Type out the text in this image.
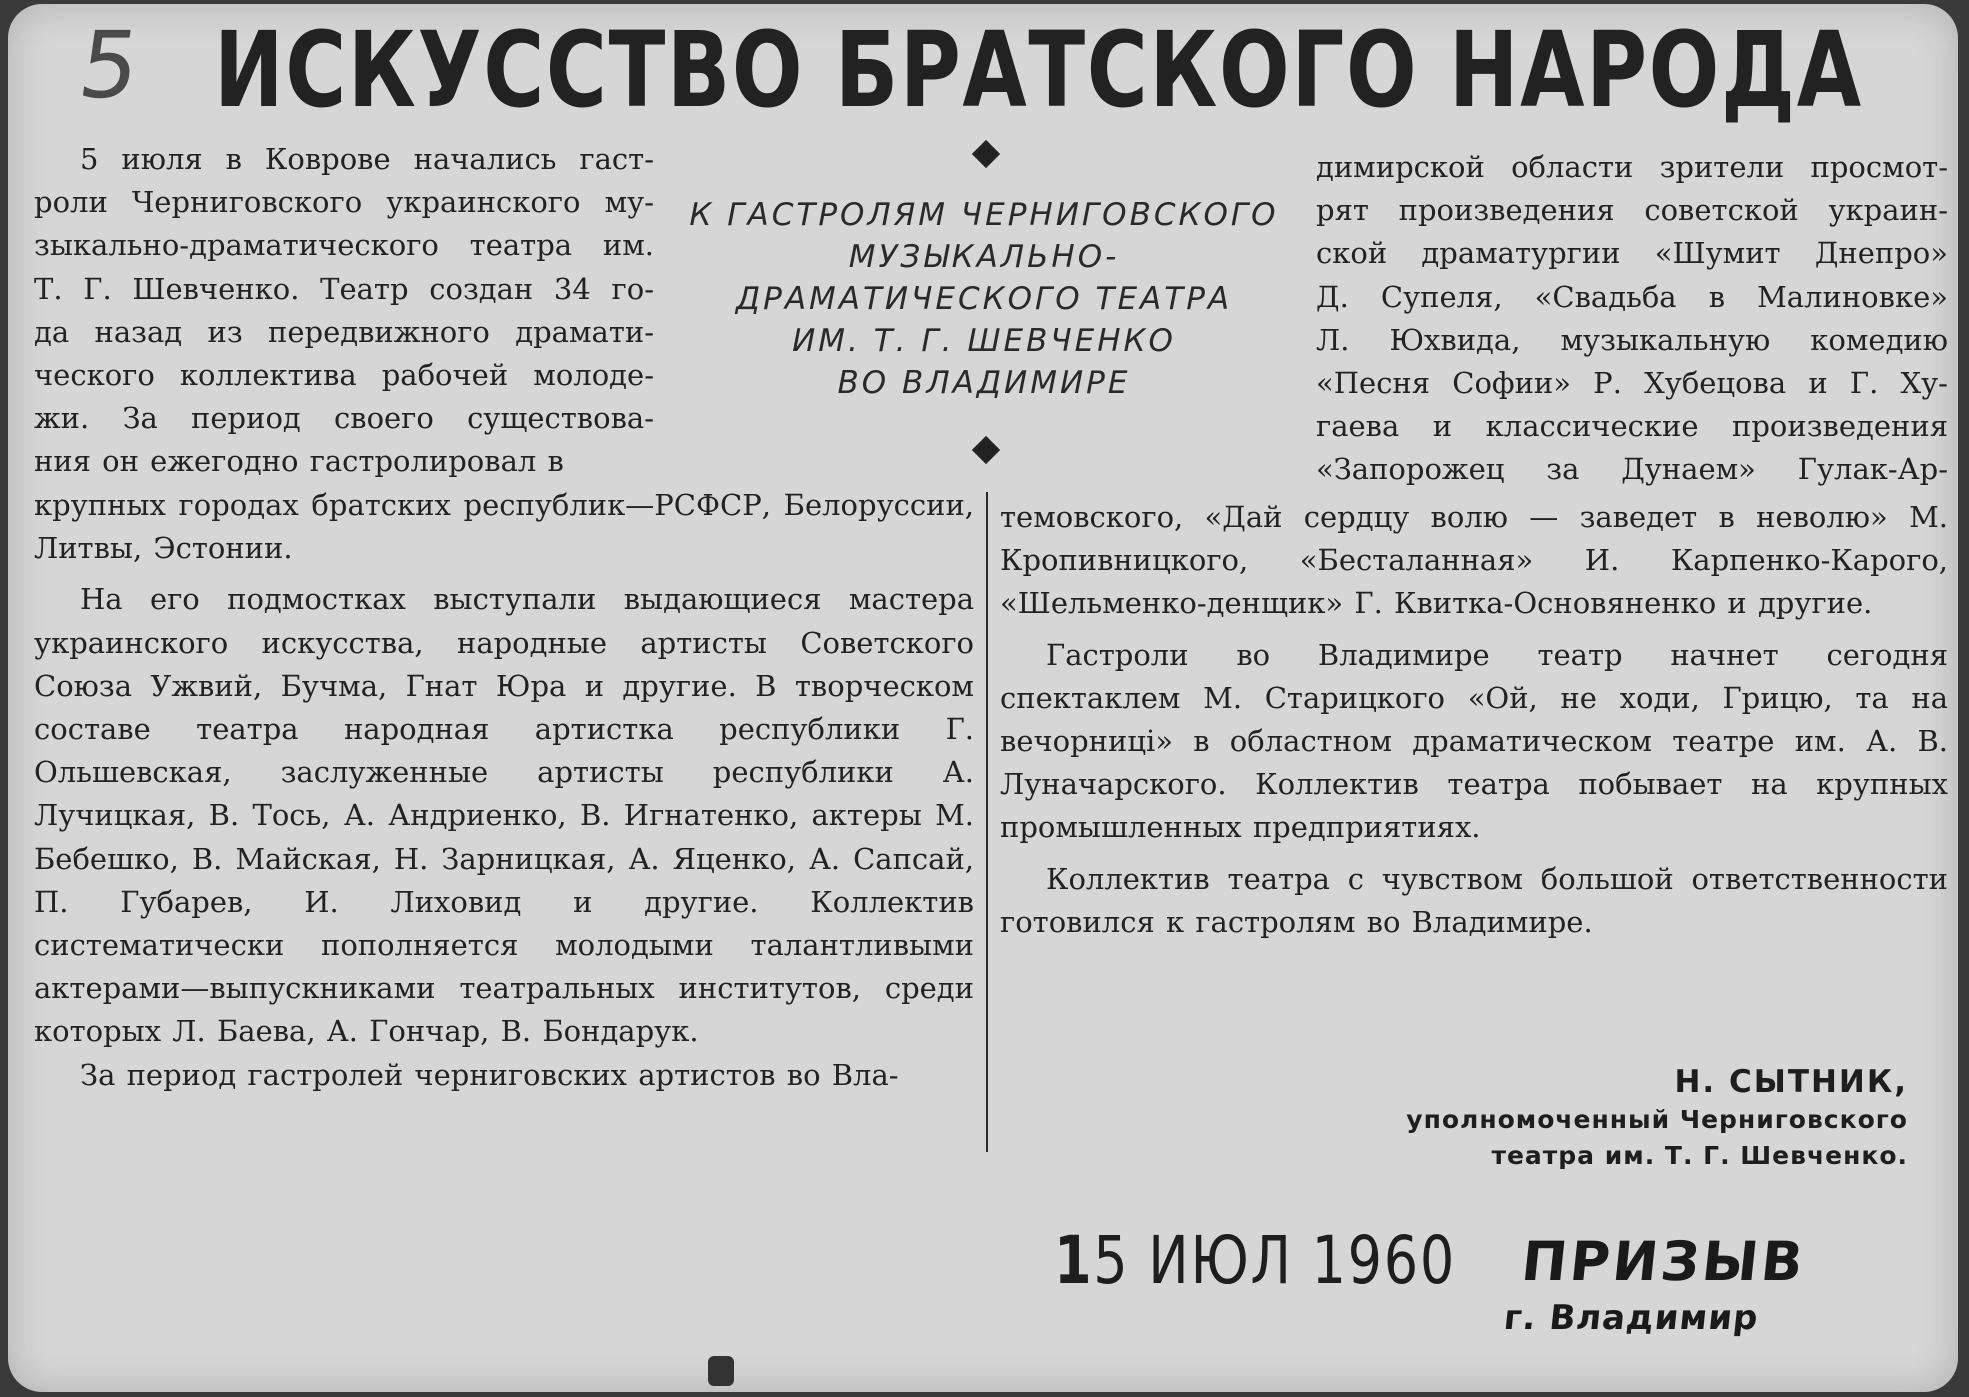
5 ИСКУССТВО БРАТСКОГО НАРОДА
К ГАСТРОЛЯМ ЧЕРНИГОВСКОГО
МУЗЫКАЛЬНО-
ДРАМАТИЧЕСКОГО ТЕАТРА
ИМ. Т. Г. ШЕВЧЕНКО
ВО ВЛАДИМИРЕ

5 июля в Коврове начались гаст-

роли Черниговского украинского му-

зыкально-драматического театра им.

Т. Г. Шевченко. Театр создан 34 го-

да назад из передвижного драмати-

ческого коллектива рабочей молоде-

жи. За период своего существова-

ния он ежегодно гастролировал в

крупных городах братских республик—РСФСР, Белоруссии, Литвы, Эстонии.

На его подмостках выступали выдающиеся мастера украинского искусства, народные артисты Советского Союза Ужвий, Бучма, Гнат Юра и другие. В творческом составе театра народная артистка республики Г. Ольшевская, заслуженные артисты республики А. Лучицкая, В. Тось, А. Андриенко, В. Игнатенко, актеры М. Бебешко, В. Майская, Н. Зарницкая, А. Яценко, А. Сапсай, П. Губарев, И. Лиховид и другие. Коллектив систематически пополняется молодыми талантливыми актерами—выпускниками театральных институтов, среди которых Л. Баева, А. Гончар, В. Бондарук.

За период гастролей черниговских артистов во Вла-

димирской области зрители просмот-

рят произведения советской украин-

ской драматургии «Шумит Днепро»

Д. Супеля, «Свадьба в Малиновке»

Л. Юхвида, музыкальную комедию

«Песня Софии» Р. Хубецова и Г. Ху-

гаева и классические произведения

«Запорожец за Дунаем» Гулак-Ар-

темовского, «Дай сердцу волю — заведет в неволю» М. Кропивницкого, «Бесталанная» И. Карпенко-Карого, «Шельменко-денщик» Г. Квитка-Основяненко и другие.

Гастроли во Владимире театр начнет сегодня спектаклем М. Старицкого «Ой, не ходи, Грицю, та на вечорниці» в областном драматическом театре им. А. В. Луначарского. Коллектив театра побывает на крупных промышленных предприятиях.

Коллектив театра с чувством большой ответственности готовился к гастролям во Владимире.

Н. СЫТНИК,

уполномоченный Черниговского

театра им. Т. Г. Шевченко.

15 ИЮЛ 1960 ПРИЗЫВ
г. Владимир
